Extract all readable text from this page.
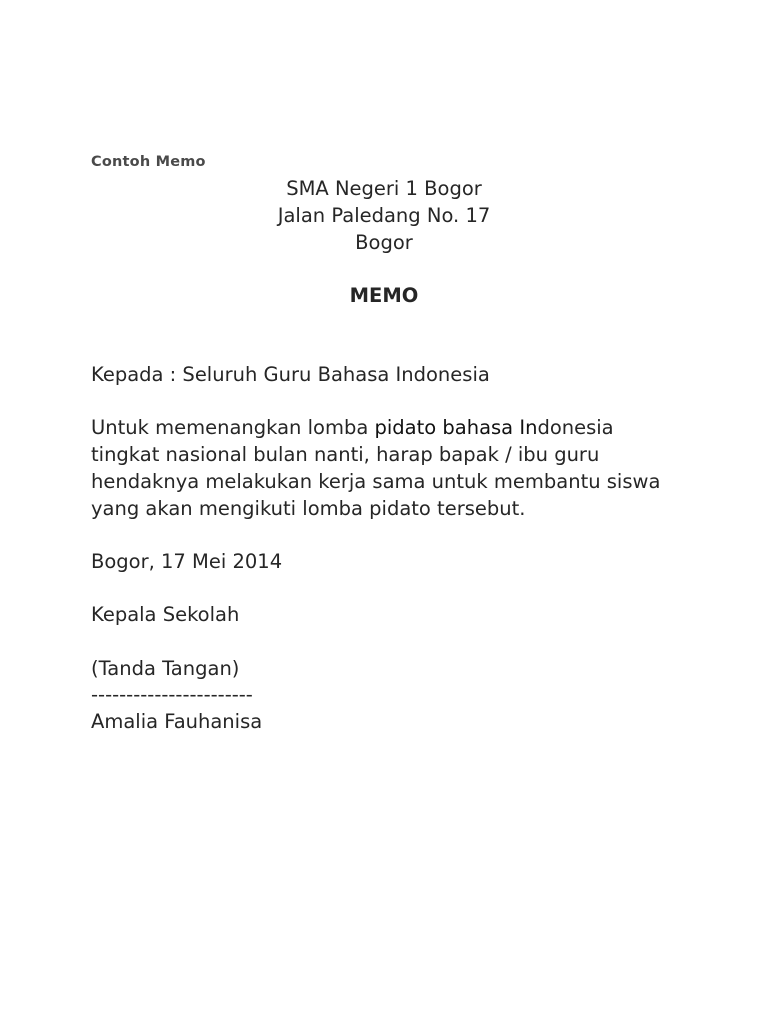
Contoh Memo
SMA Negeri 1 Bogor
Jalan Paledang No. 17
Bogor
MEMO

Kepada : Seluruh Guru Bahasa Indonesia

Untuk memenangkan lomba pidato bahasa Indonesia

tingkat nasional bulan nanti, harap bapak / ibu guru

hendaknya melakukan kerja sama untuk membantu siswa

yang akan mengikuti lomba pidato tersebut.

Bogor, 17 Mei 2014

Kepala Sekolah

(Tanda Tangan)

-----------------------

Amalia Fauhanisa
